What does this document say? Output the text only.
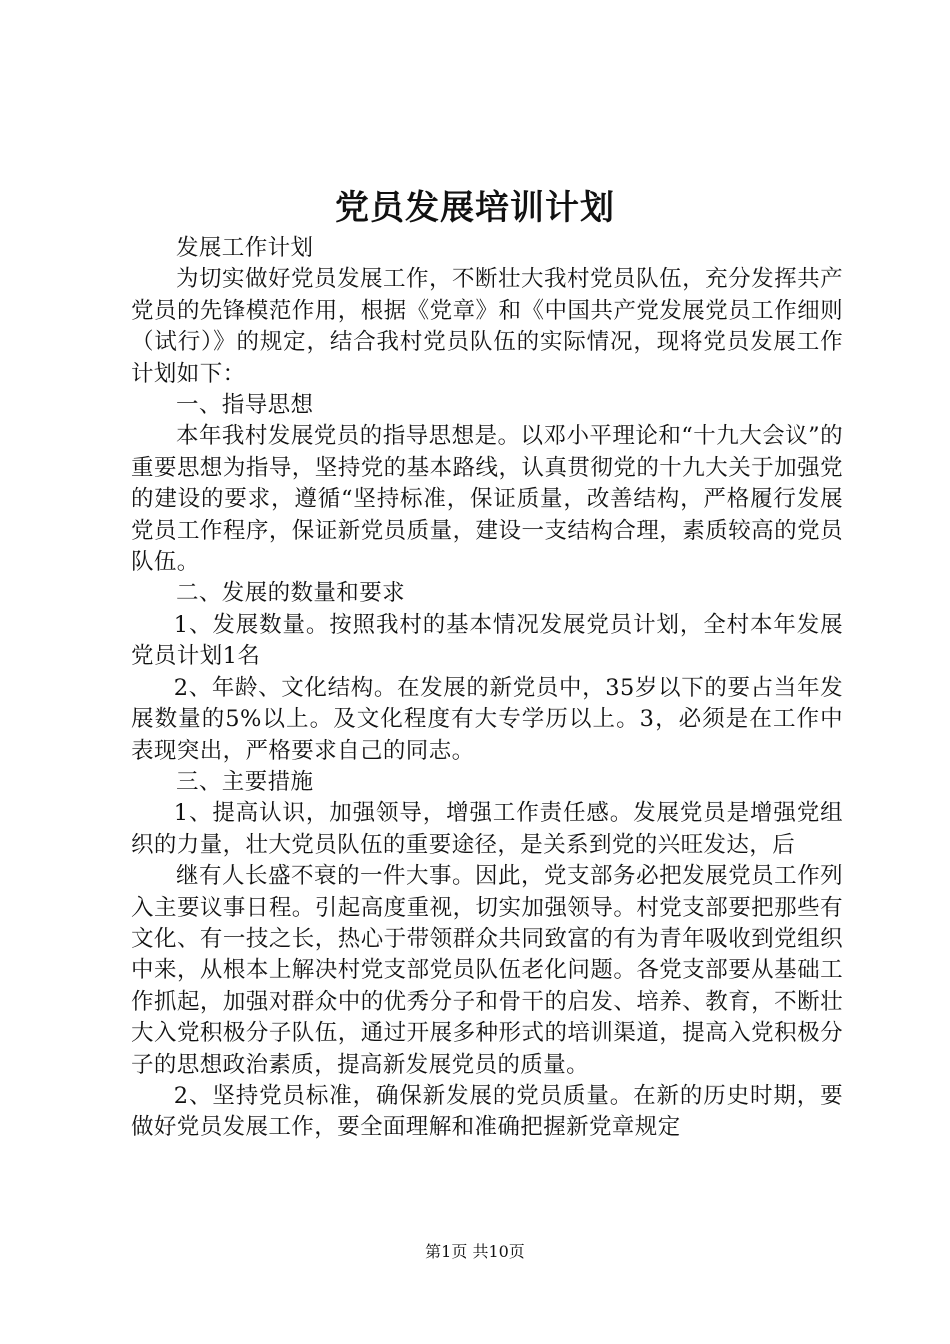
党员发展培训计划

发展工作计划

为切实做好党员发展工作，不断壮大我村党员队伍，充分发挥共产党员的先锋模范作用，根据《党章》和《中国共产党发展党员工作细则（试行）》的规定，结合我村党员队伍的实际情况，现将党员发展工作计划如下：

一、指导思想

本年我村发展党员的指导思想是。以邓小平理论和“十九大会议”的重要思想为指导，坚持党的基本路线，认真贯彻党的十九大关于加强党的建设的要求，遵循“坚持标准，保证质量，改善结构，严格履行发展党员工作程序，保证新党员质量，建设一支结构合理，素质较高的党员队伍。

二、发展的数量和要求

1、发展数量。按照我村的基本情况发展党员计划，全村本年发展党员计划1名

2、年龄、文化结构。在发展的新党员中，35岁以下的要占当年发展数量的5%以上。及文化程度有大专学历以上。3，必须是在工作中表现突出，严格要求自己的同志。

三、主要措施

1、提高认识，加强领导，增强工作责任感。发展党员是增强党组织的力量，壮大党员队伍的重要途径，是关系到党的兴旺发达，后

继有人长盛不衰的一件大事。因此，党支部务必把发展党员工作列入主要议事日程。引起高度重视，切实加强领导。村党支部要把那些有文化、有一技之长，热心于带领群众共同致富的有为青年吸收到党组织中来，从根本上解决村党支部党员队伍老化问题。各党支部要从基础工作抓起，加强对群众中的优秀分子和骨干的启发、培养、教育，不断壮大入党积极分子队伍，通过开展多种形式的培训渠道，提高入党积极分子的思想政治素质，提高新发展党员的质量。

2、坚持党员标准，确保新发展的党员质量。在新的历史时期，要做好党员发展工作，要全面理解和准确把握新党章规定

第1页 共10页
